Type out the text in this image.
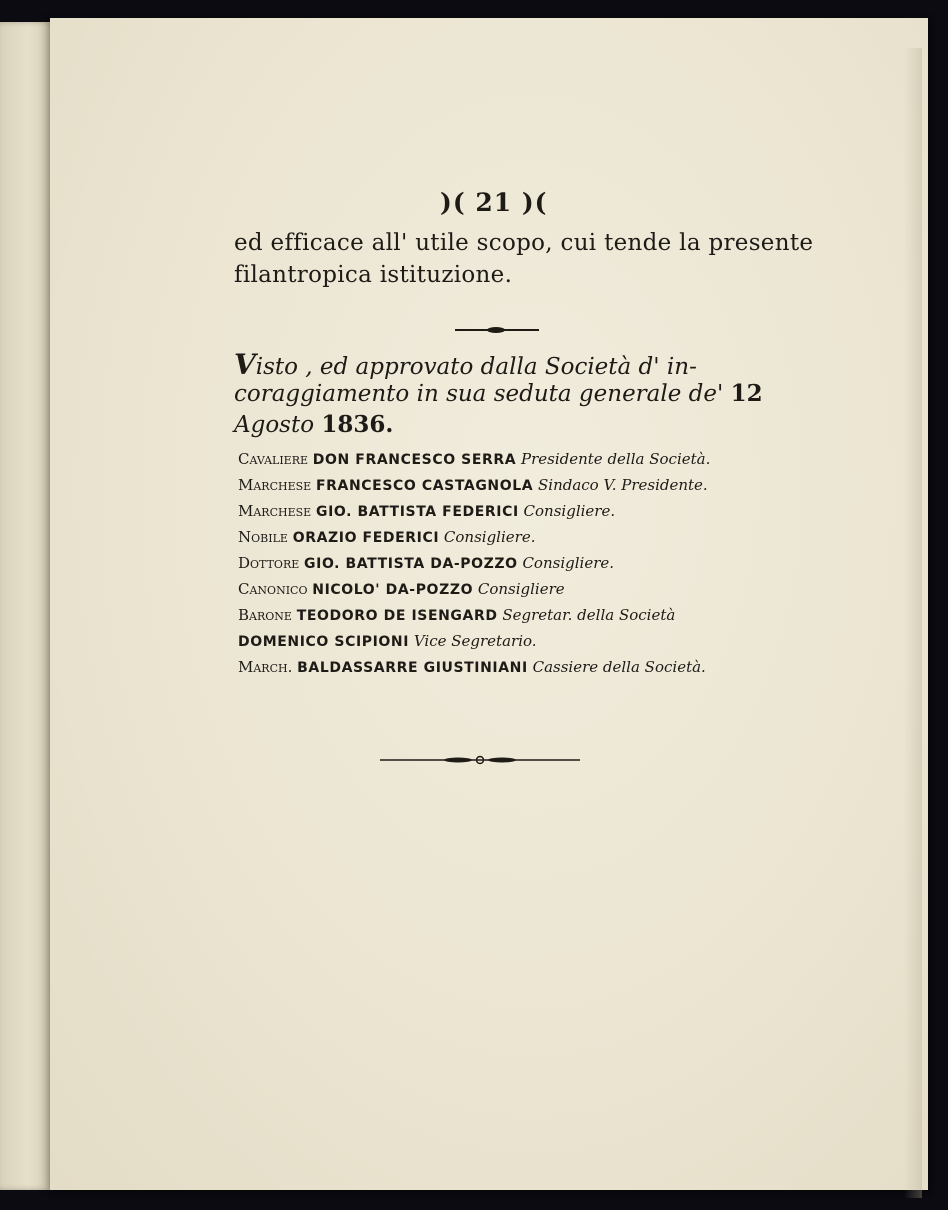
)( 21 )(
ed efficace all' utile scopo, cui tende la presente
filantropica istituzione.
Visto , ed approvato dalla Società d' in-
coraggiamento in sua seduta generale de' 12
Agosto 1836.
Cavaliere DON FRANCESCO SERRA Presidente della Società.
Marchese FRANCESCO CASTAGNOLA Sindaco V. Presidente.
Marchese GIO. BATTISTA FEDERICI Consigliere.
Nobile ORAZIO FEDERICI Consigliere.
Dottore GIO. BATTISTA DA-POZZO Consigliere.
Canonico NICOLO' DA-POZZO Consigliere
Barone TEODORO DE ISENGARD Segretar. della Società
DOMENICO SCIPIONI Vice Segretario.
March. BALDASSARRE GIUSTINIANI Cassiere della Società.
